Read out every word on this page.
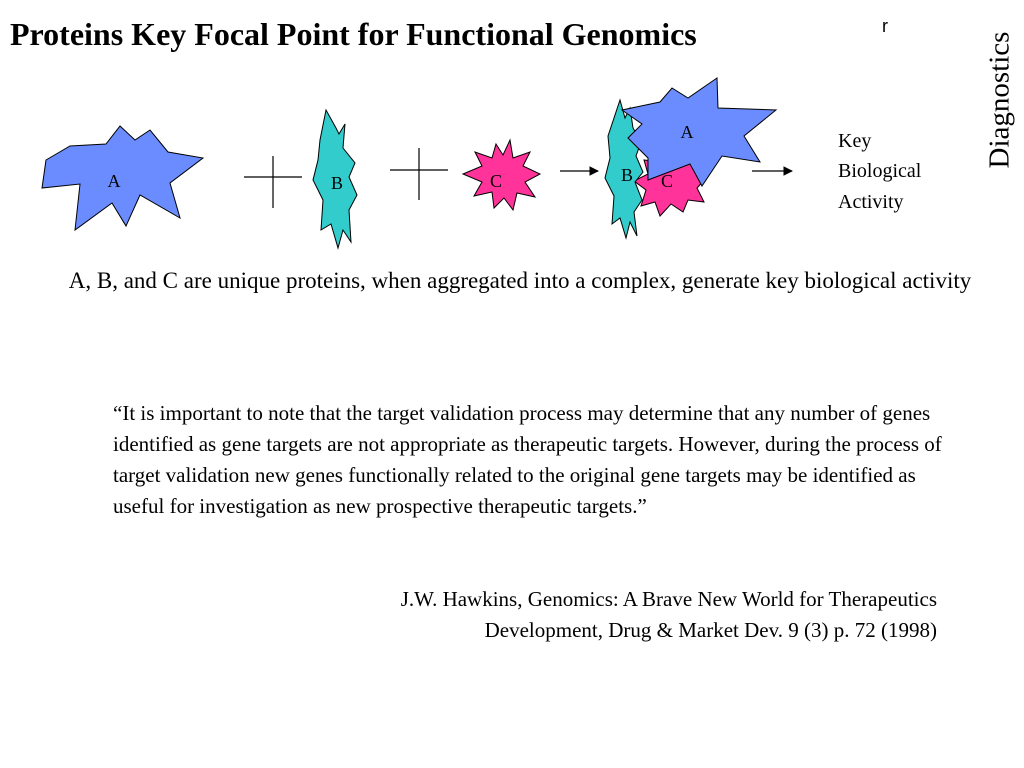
Proteins Key Focal Point for Functional Genomics	r
Diagnostics
A	B	C
A
B C
Key
Biological
Activity

A, B, and C are unique proteins, when aggregated into a complex, generate key biological activity

“It is important to note that the target validation process may determine that any number of genes identified as gene targets are not appropriate as therapeutic targets. However, during the process of target validation new genes functionally related to the original gene targets may be identified as useful for investigation as new prospective therapeutic targets.”

J.W. Hawkins, Genomics: A Brave New World for Therapeutics
Development, Drug & Market Dev. 9 (3) p. 72 (1998)
